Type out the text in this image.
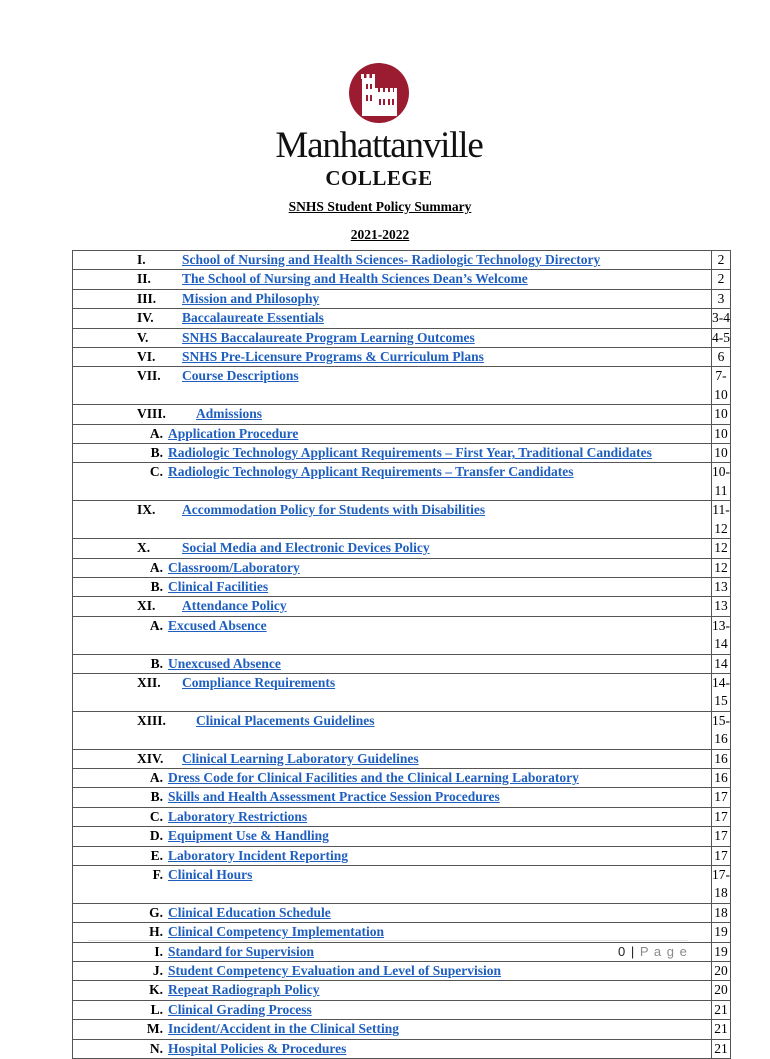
Manhattanville
COLLEGE
SNHS Student Policy Summary
2021-2022
I. School of Nursing and Health Sciences- Radiologic Technology Directory	2

II. The School of Nursing and Health Sciences Dean’s Welcome	2

III. Mission and Philosophy	3

IV. Baccalaureate Essentials	3-4

V. SNHS Baccalaureate Program Learning Outcomes	4-5

VI. SNHS Pre-Licensure Programs & Curriculum Plans	6

VII. Course Descriptions	7-10

VIII. Admissions	10

A. Application Procedure	10

B. Radiologic Technology Applicant Requirements – First Year, Traditional Candidates	10

C. Radiologic Technology Applicant Requirements – Transfer Candidates	10-11

IX. Accommodation Policy for Students with Disabilities	11-12

X. Social Media and Electronic Devices Policy	12

A. Classroom/Laboratory	12

B. Clinical Facilities	13

XI. Attendance Policy	13

A. Excused Absence	13-14

B. Unexcused Absence	14

XII. Compliance Requirements	14-15

XIII. Clinical Placements Guidelines	15-16

XIV. Clinical Learning Laboratory Guidelines	16

A. Dress Code for Clinical Facilities and the Clinical Learning Laboratory	16

B. Skills and Health Assessment Practice Session Procedures	17

C. Laboratory Restrictions	17

D. Equipment Use & Handling	17

E. Laboratory Incident Reporting	17

F. Clinical Hours	17-18

G. Clinical Education Schedule	18

H. Clinical Competency Implementation	19

I. Standard for Supervision	19

J. Student Competency Evaluation and Level of Supervision	20

K. Repeat Radiograph Policy	20

L. Clinical Grading Process	21

M. Incident/Accident in the Clinical Setting	21

N. Hospital Policies & Procedures	21
0 | P a g e
